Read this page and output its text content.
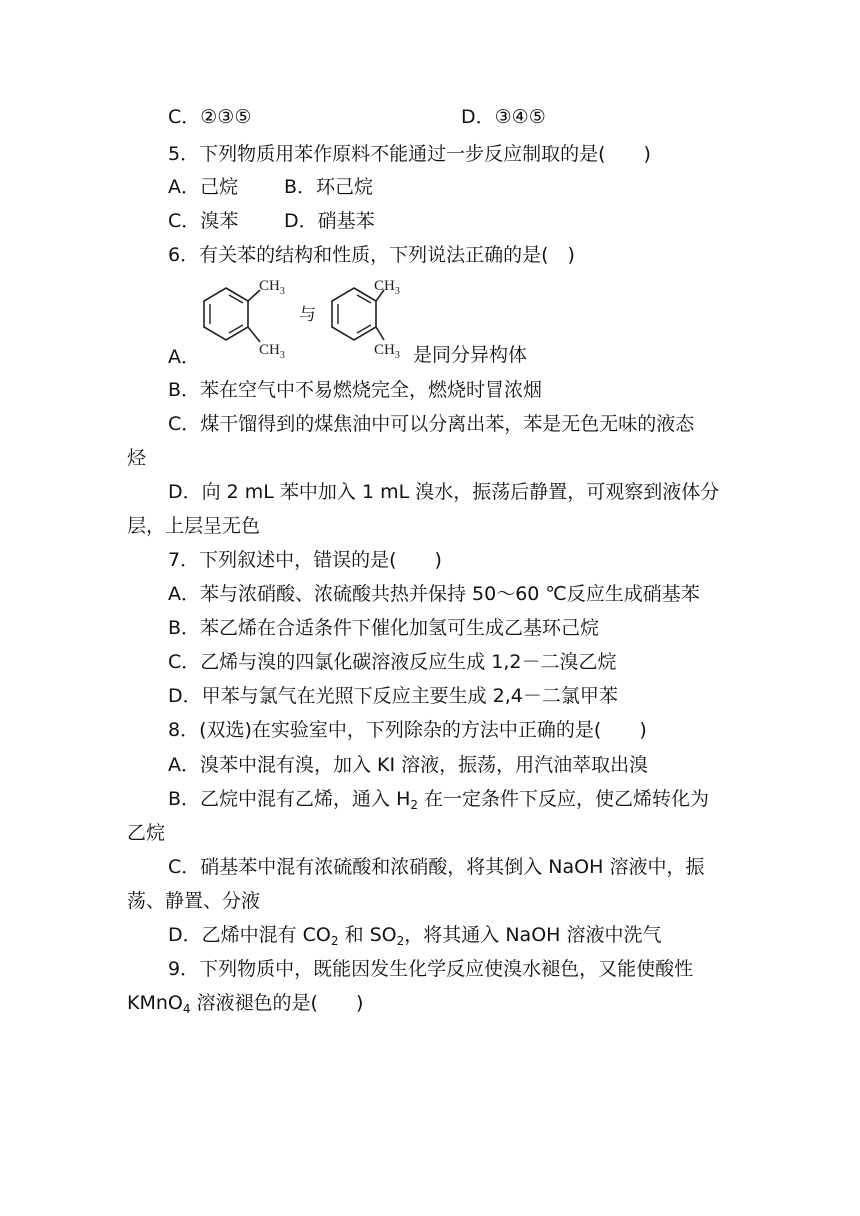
C．②③⑤	D．③④⑤
5．下列物质用苯作原料不能通过一步反应制取的是(　　)
A．己烷 B．环己烷
C．溴苯 D．硝基苯
6．有关苯的结构和性质，下列说法正确的是(　)
$CH_3$
$CH_3$
与
$CH_3$
$CH_3$
A．	是同分异构体
B．苯在空气中不易燃烧完全，燃烧时冒浓烟
C．煤干馏得到的煤焦油中可以分离出苯，苯是无色无味的液态
烃
D．向 2 mL 苯中加入 1 mL 溴水，振荡后静置，可观察到液体分
层，上层呈无色
7．下列叙述中，错误的是(　　)
A．苯与浓硝酸、浓硫酸共热并保持 50～60 ℃反应生成硝基苯
B．苯乙烯在合适条件下催化加氢可生成乙基环己烷
C．乙烯与溴的四氯化碳溶液反应生成 1,2－二溴乙烷
D．甲苯与氯气在光照下反应主要生成 2,4－二氯甲苯
8．(双选)在实验室中，下列除杂的方法中正确的是(　　)
A．溴苯中混有溴，加入 KI 溶液，振荡，用汽油萃取出溴
B．乙烷中混有乙烯，通入 $H_2$ 在一定条件下反应，使乙烯转化为
乙烷
C．硝基苯中混有浓硫酸和浓硝酸，将其倒入 NaOH 溶液中，振
荡、静置、分液
D．乙烯中混有 $CO_2$ 和 $SO_2$，将其通入 NaOH 溶液中洗气
9．下列物质中，既能因发生化学反应使溴水褪色，又能使酸性
KMnO$_4$ 溶液褪色的是(　　)
